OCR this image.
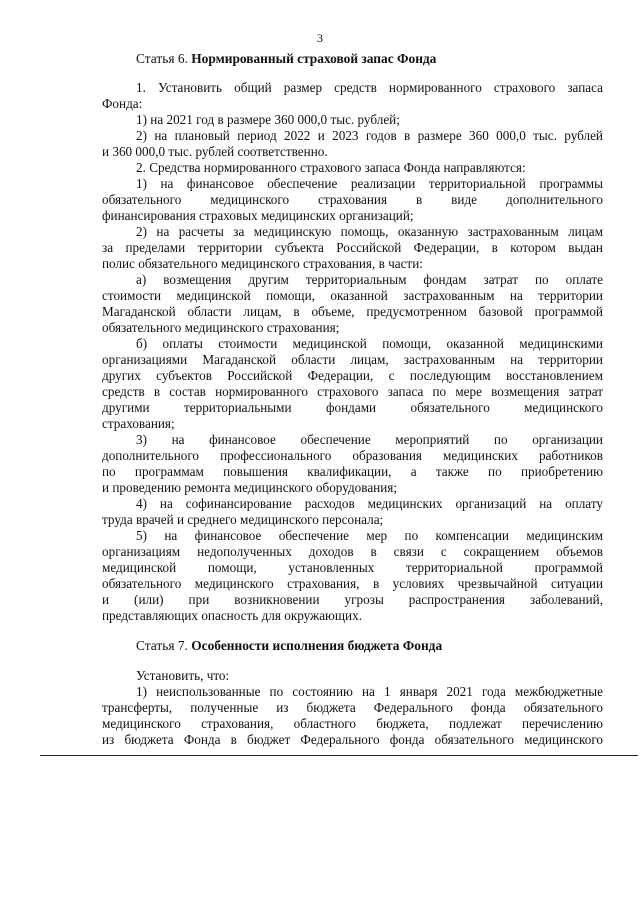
3
Статья 6. Нормированный страховой запас Фонда
1. Установить общий размер средств нормированного страхового запаса
Фонда:
1) на 2021 год в размере 360 000,0 тыс. рублей;
2) на плановый период 2022 и 2023 годов в размере 360 000,0 тыс. рублей
и 360 000,0 тыс. рублей соответственно.
2. Средства нормированного страхового запаса Фонда направляются:
1) на финансовое обеспечение реализации территориальной программы
обязательного медицинского страхования в виде дополнительного
финансирования страховых медицинских организаций;
2) на расчеты за медицинскую помощь, оказанную застрахованным лицам
за пределами территории субъекта Российской Федерации, в котором выдан
полис обязательного медицинского страхования, в части:
а) возмещения другим территориальным фондам затрат по оплате
стоимости медицинской помощи, оказанной застрахованным на территории
Магаданской области лицам, в объеме, предусмотренном базовой программой
обязательного медицинского страхования;
б) оплаты стоимости медицинской помощи, оказанной медицинскими
организациями Магаданской области лицам, застрахованным на территории
других субъектов Российской Федерации, с последующим восстановлением
средств в состав нормированного страхового запаса по мере возмещения затрат
другими территориальными фондами обязательного медицинского
страхования;
3) на финансовое обеспечение мероприятий по организации
дополнительного профессионального образования медицинских работников
по программам повышения квалификации, а также по приобретению
и проведению ремонта медицинского оборудования;
4) на софинансирование расходов медицинских организаций на оплату
труда врачей и среднего медицинского персонала;
5) на финансовое обеспечение мер по компенсации медицинским
организациям недополученных доходов в связи с сокращением объемов
медицинской помощи, установленных территориальной программой
обязательного медицинского страхования, в условиях чрезвычайной ситуации
и (или) при возникновении угрозы распространения заболеваний,
представляющих опасность для окружающих.
Статья 7. Особенности исполнения бюджета Фонда
Установить, что:
1) неиспользованные по состоянию на 1 января 2021 года межбюджетные
трансферты, полученные из бюджета Федерального фонда обязательного
медицинского страхования, областного бюджета, подлежат перечислению
из бюджета Фонда в бюджет Федерального фонда обязательного медицинского
